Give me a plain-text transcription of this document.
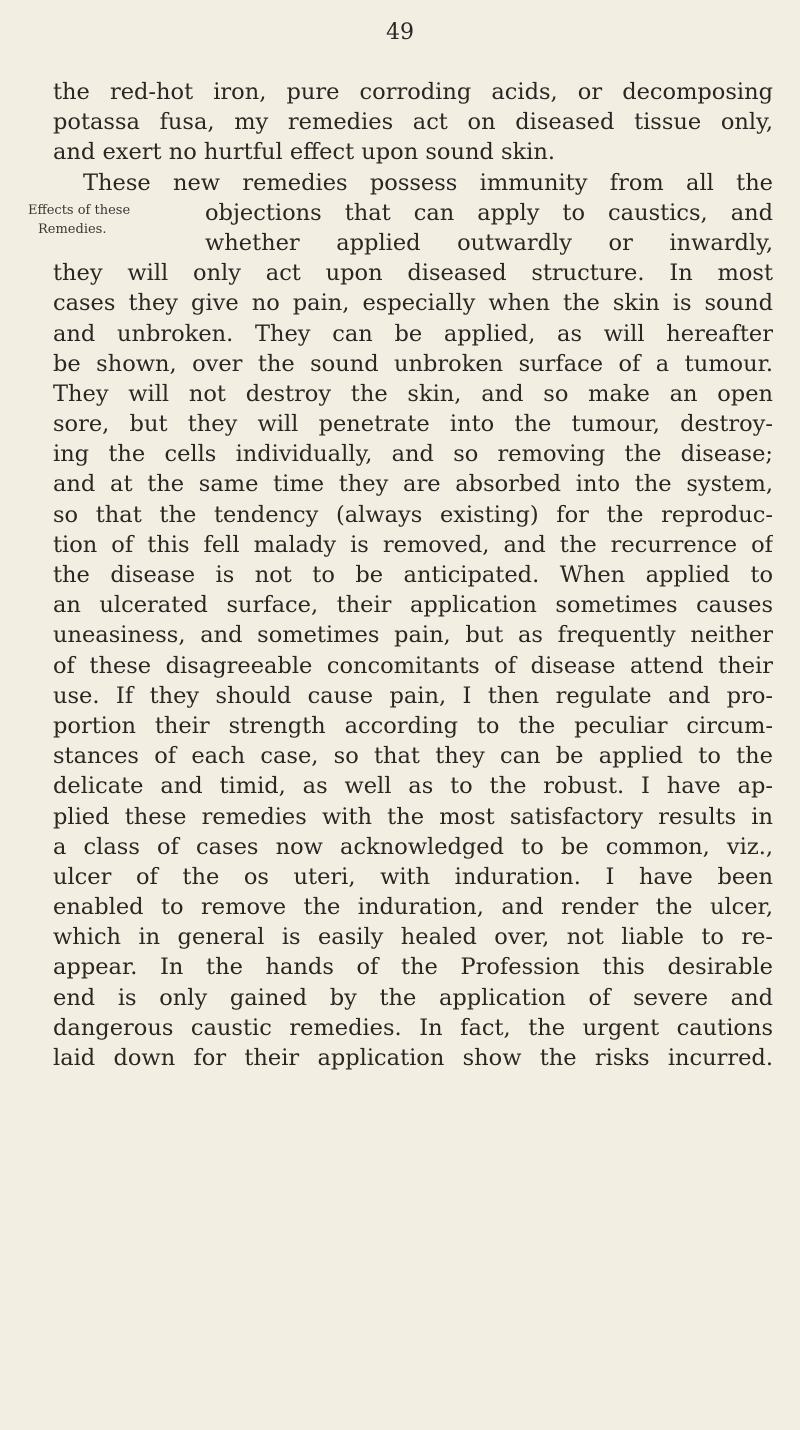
49
Effects of these
Remedies.
the red-hot iron, pure corroding acids, or decomposing
potassa fusa, my remedies act on diseased tissue only,
and exert no hurtful effect upon sound skin.
These new remedies possess immunity from all the
objections that can apply to caustics, and
whether applied outwardly or inwardly,
they will only act upon diseased structure. In most
cases they give no pain, especially when the skin is sound
and unbroken. They can be applied, as will hereafter
be shown, over the sound unbroken surface of a tumour.
They will not destroy the skin, and so make an open
sore, but they will penetrate into the tumour, destroy-
ing the cells individually, and so removing the disease;
and at the same time they are absorbed into the system,
so that the tendency (always existing) for the reproduc-
tion of this fell malady is removed, and the recurrence of
the disease is not to be anticipated. When applied to
an ulcerated surface, their application sometimes causes
uneasiness, and sometimes pain, but as frequently neither
of these disagreeable concomitants of disease attend their
use. If they should cause pain, I then regulate and pro-
portion their strength according to the peculiar circum-
stances of each case, so that they can be applied to the
delicate and timid, as well as to the robust. I have ap-
plied these remedies with the most satisfactory results in
a class of cases now acknowledged to be common, viz.,
ulcer of the os uteri, with induration. I have been
enabled to remove the induration, and render the ulcer,
which in general is easily healed over, not liable to re-
appear. In the hands of the Profession this desirable
end is only gained by the application of severe and
dangerous caustic remedies. In fact, the urgent cautions
laid down for their application show the risks incurred.
